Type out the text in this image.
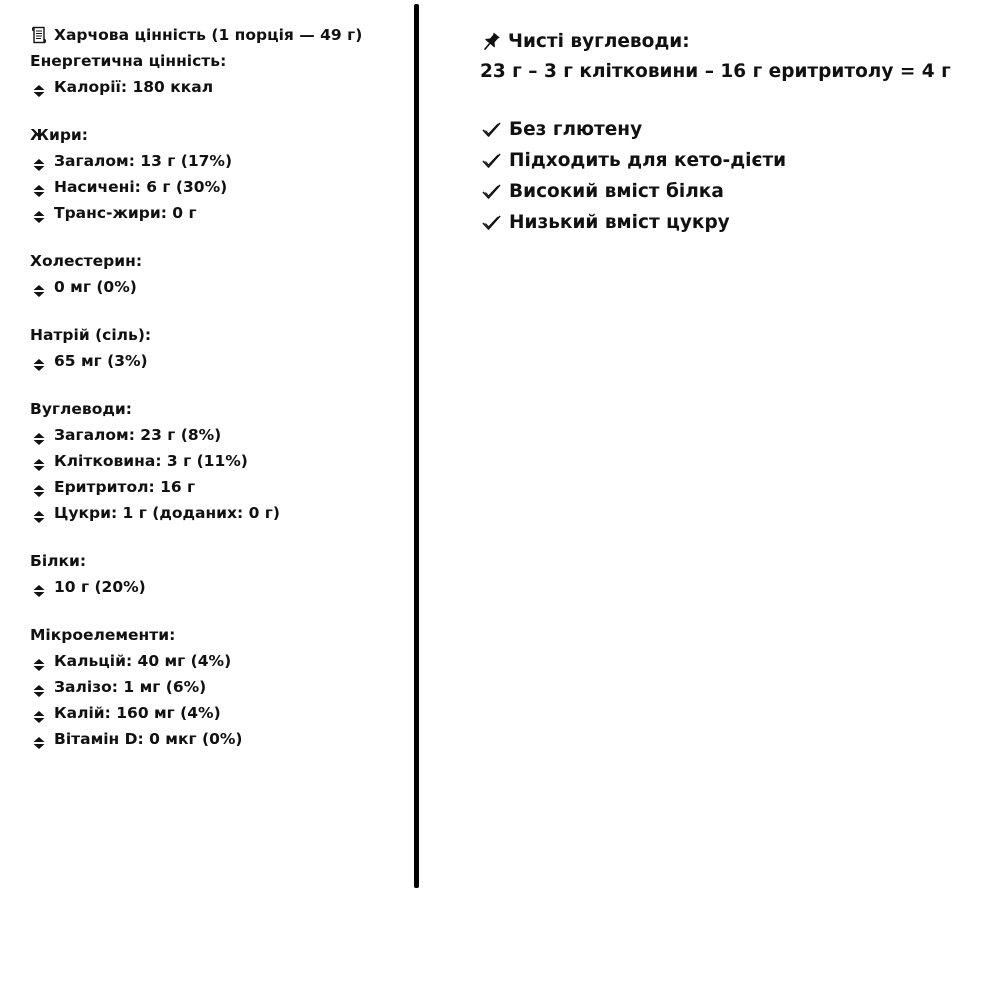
Харчова цінність (1 порція — 49 г)
Енергетична цінність:
Калорії: 180 ккал
Жири:
Загалом: 13 г (17%)
Насичені: 6 г (30%)
Транс-жири: 0 г
Холестерин:
0 мг (0%)
Натрій (сіль):
65 мг (3%)
Вуглеводи:
Загалом: 23 г (8%)
Клітковина: 3 г (11%)
Еритритол: 16 г
Цукри: 1 г (доданих: 0 г)
Білки:
10 г (20%)
Мікроелементи:
Кальцій: 40 мг (4%)
Залізо: 1 мг (6%)
Калій: 160 мг (4%)
Вітамін D: 0 мкг (0%)
Чисті вуглеводи:
23 г – 3 г клітковини – 16 г еритритолу = 4 г
Без глютену
Підходить для кето-дієти
Високий вміст білка
Низький вміст цукру
